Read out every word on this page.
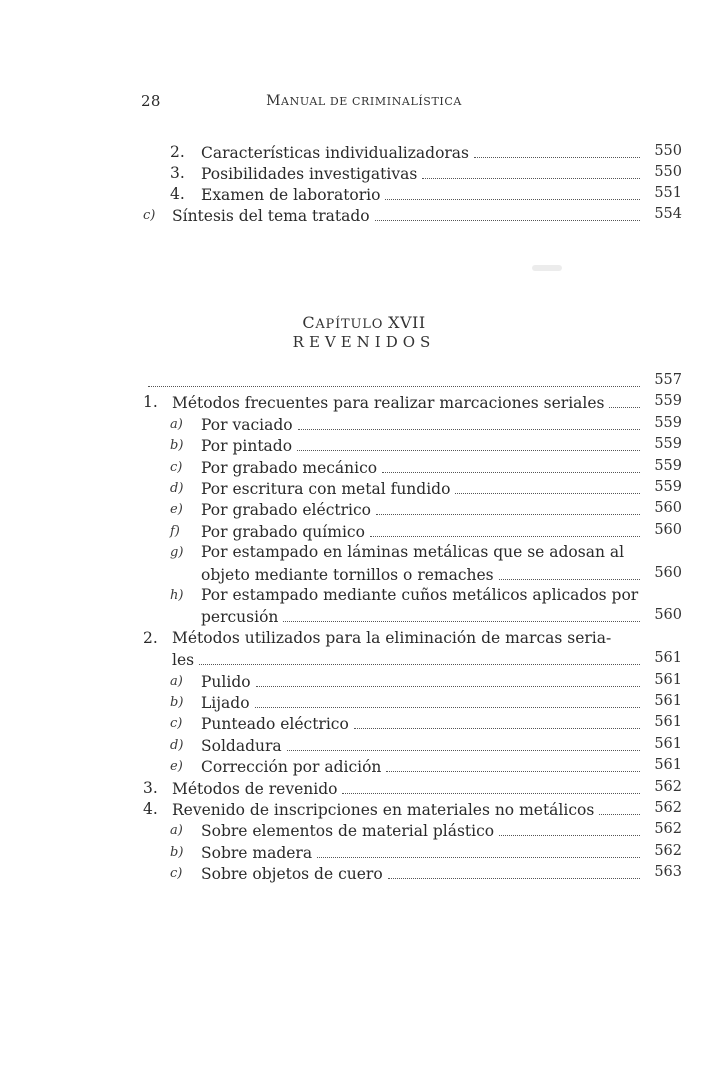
28	MANUAL DE CRIMINALÍSTICA
2. Características individualizadoras	550
3. Posibilidades investigativas	550
4. Examen de laboratorio	551
c) Síntesis del tema tratado	554
CAPÍTULO XVII
REVENIDOS
557
1. Métodos frecuentes para realizar marcaciones seriales	559
a) Por vaciado	559
b) Por pintado	559
c) Por grabado mecánico	559
d) Por escritura con metal fundido	559
e) Por grabado eléctrico	560
f) Por grabado químico	560
g) Por estampado en láminas metálicas que se adosan al
objeto mediante tornillos o remaches	560
h) Por estampado mediante cuños metálicos aplicados por
percusión	560
2. Métodos utilizados para la eliminación de marcas seria-
les	561
a) Pulido	561
b) Lijado	561
c) Punteado eléctrico	561
d) Soldadura	561
e) Corrección por adición	561
3. Métodos de revenido	562
4. Revenido de inscripciones en materiales no metálicos	562
a) Sobre elementos de material plástico	562
b) Sobre madera	562
c) Sobre objetos de cuero	563
